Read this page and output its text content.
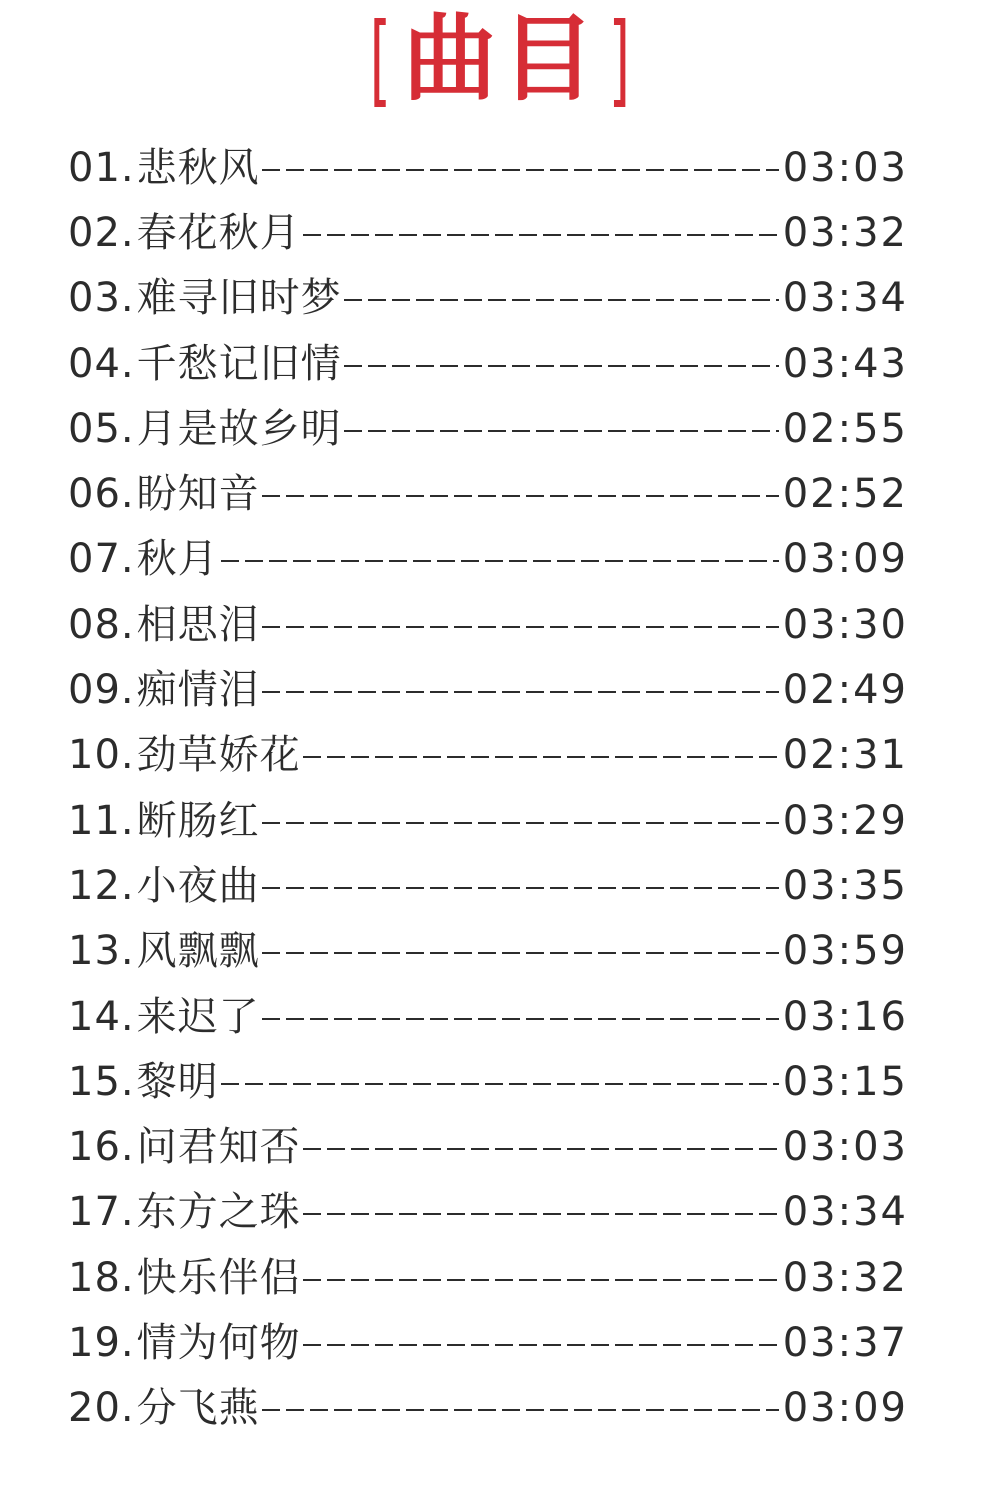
[ 曲目 ]
01. 悲秋风	03:03
02. 春花秋月	03:32
03. 难寻旧时梦	03:34
04. 千愁记旧情	03:43
05. 月是故乡明	02:55
06. 盼知音	02:52
07. 秋月	03:09
08. 相思泪	03:30
09. 痴情泪	02:49
10. 劲草娇花	02:31
11. 断肠红	03:29
12. 小夜曲	03:35
13. 风飘飘	03:59
14. 来迟了	03:16
15. 黎明	03:15
16. 问君知否	03:03
17. 东方之珠	03:34
18. 快乐伴侣	03:32
19. 情为何物	03:37
20. 分飞燕	03:09
